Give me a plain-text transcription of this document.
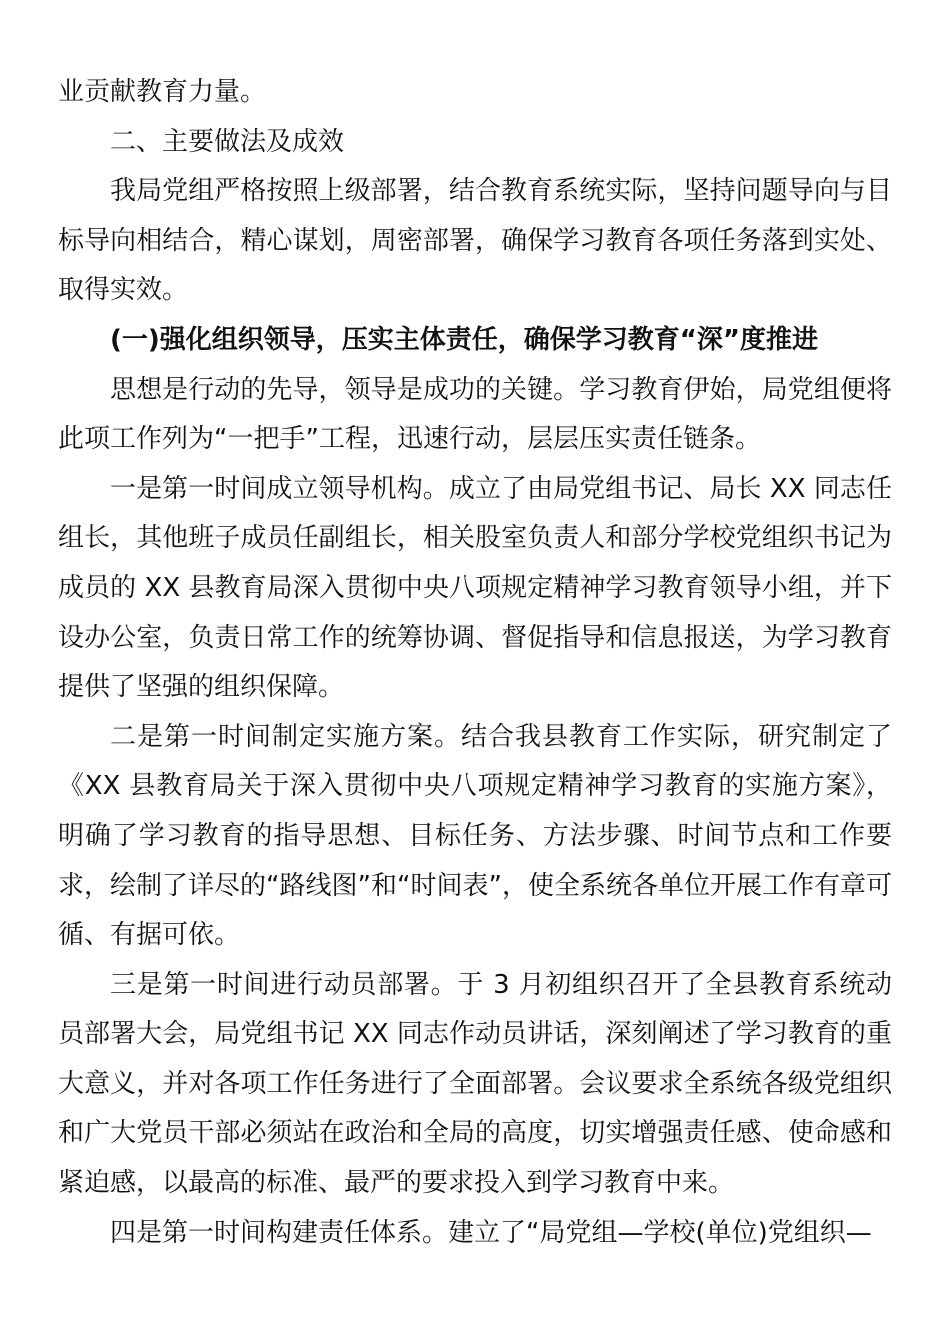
业贡献教育力量。

二、主要做法及成效

我局党组严格按照上级部署，结合教育系统实际，坚持问题导向与目标导向相结合，精心谋划，周密部署，确保学习教育各项任务落到实处、取得实效。

(一)强化组织领导，压实主体责任，确保学习教育“深”度推进

思想是行动的先导，领导是成功的关键。学习教育伊始，局党组便将此项工作列为“一把手”工程，迅速行动，层层压实责任链条。

一是第一时间成立领导机构。成立了由局党组书记、局长 XX 同志任组长，其他班子成员任副组长，相关股室负责人和部分学校党组织书记为成员的 XX 县教育局深入贯彻中央八项规定精神学习教育领导小组，并下设办公室，负责日常工作的统筹协调、督促指导和信息报送，为学习教育提供了坚强的组织保障。

二是第一时间制定实施方案。结合我县教育工作实际，研究制定了《XX 县教育局关于深入贯彻中央八项规定精神学习教育的实施方案》，明确了学习教育的指导思想、目标任务、方法步骤、时间节点和工作要求，绘制了详尽的“路线图”和“时间表”，使全系统各单位开展工作有章可循、有据可依。

三是第一时间进行动员部署。于 3 月初组织召开了全县教育系统动员部署大会，局党组书记 XX 同志作动员讲话，深刻阐述了学习教育的重大意义，并对各项工作任务进行了全面部署。会议要求全系统各级党组织和广大党员干部必须站在政治和全局的高度，切实增强责任感、使命感和紧迫感，以最高的标准、最严的要求投入到学习教育中来。

四是第一时间构建责任体系。建立了“局党组—学校(单位)党组织—
